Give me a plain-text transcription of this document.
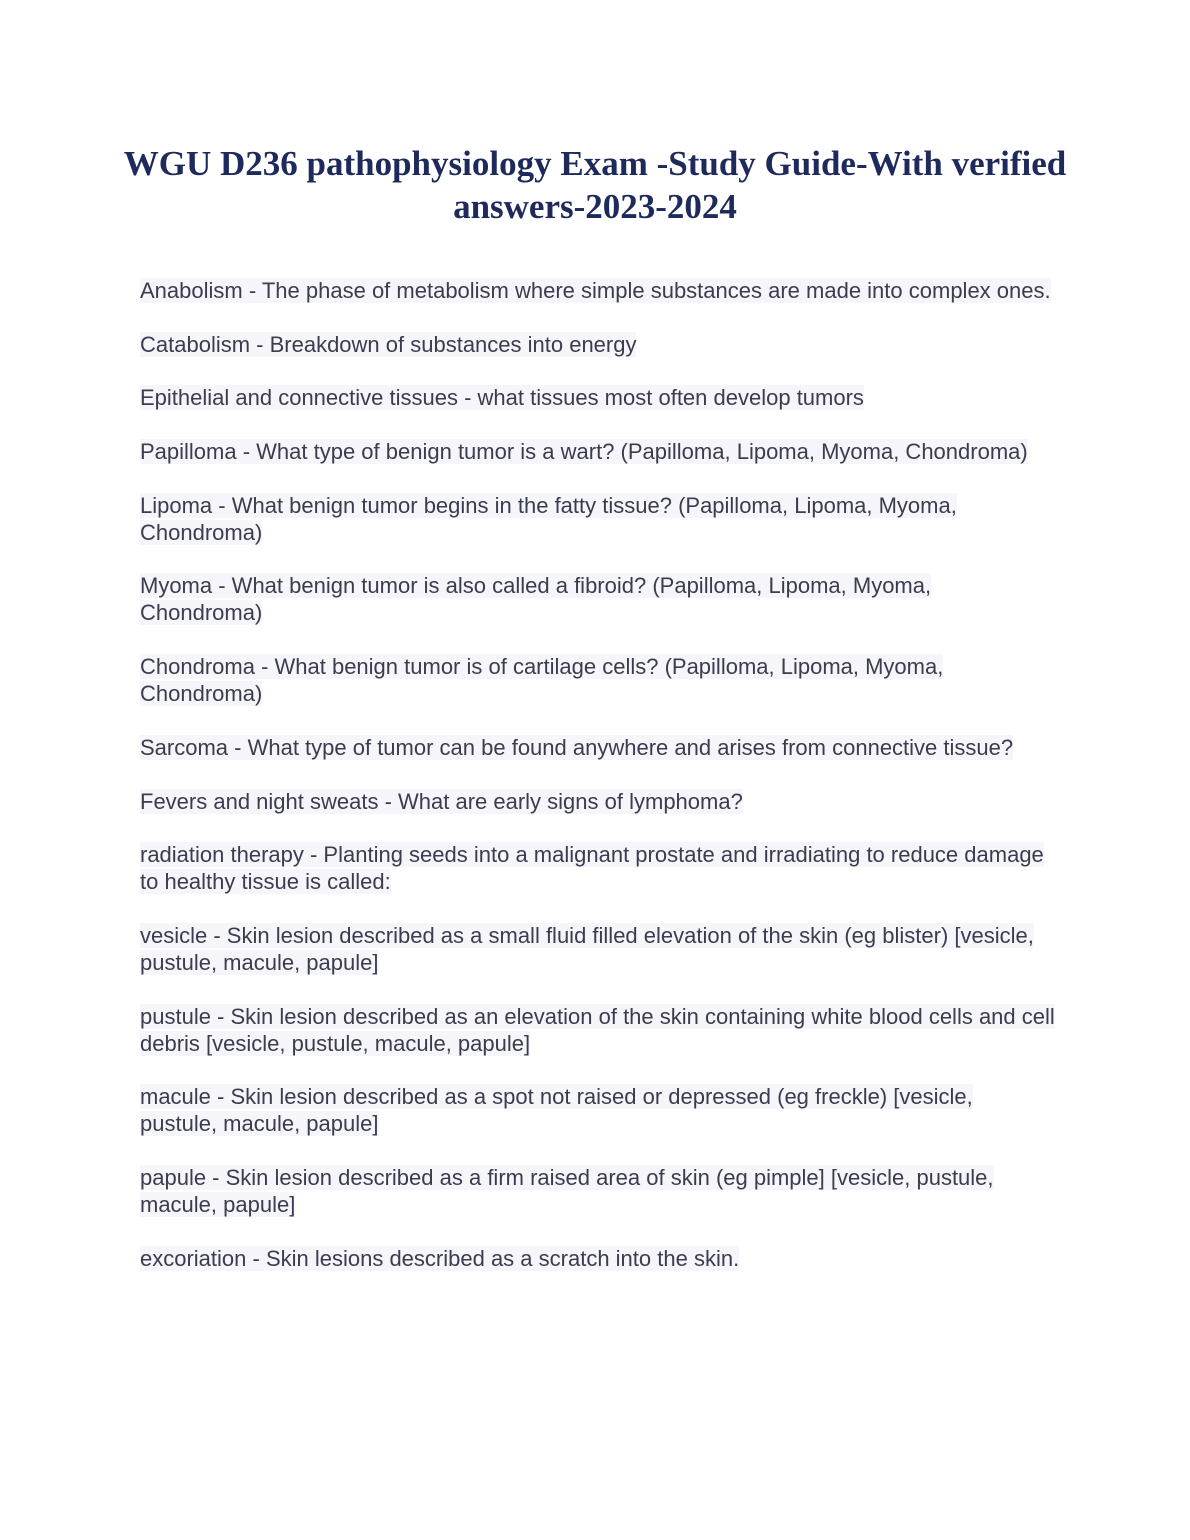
WGU D236 pathophysiology Exam -Study Guide-With verified answers-2023-2024
Anabolism - The phase of metabolism where simple substances are made into complex ones.
Catabolism - Breakdown of substances into energy
Epithelial and connective tissues - what tissues most often develop tumors
Papilloma - What type of benign tumor is a wart? (Papilloma, Lipoma, Myoma, Chondroma)
Lipoma - What benign tumor begins in the fatty tissue? (Papilloma, Lipoma, Myoma, Chondroma)
Myoma - What benign tumor is also called a fibroid? (Papilloma, Lipoma, Myoma, Chondroma)
Chondroma - What benign tumor is of cartilage cells? (Papilloma, Lipoma, Myoma, Chondroma)
Sarcoma - What type of tumor can be found anywhere and arises from connective tissue?
Fevers and night sweats - What are early signs of lymphoma?
radiation therapy - Planting seeds into a malignant prostate and irradiating to reduce damage to healthy tissue is called:
vesicle - Skin lesion described as a small fluid filled elevation of the skin (eg blister) [vesicle, pustule, macule, papule]
pustule - Skin lesion described as an elevation of the skin containing white blood cells and cell debris [vesicle, pustule, macule, papule]
macule - Skin lesion described as a spot not raised or depressed (eg freckle) [vesicle, pustule, macule, papule]
papule - Skin lesion described as a firm raised area of skin (eg pimple] [vesicle, pustule, macule, papule]
excoriation - Skin lesions described as a scratch into the skin.
